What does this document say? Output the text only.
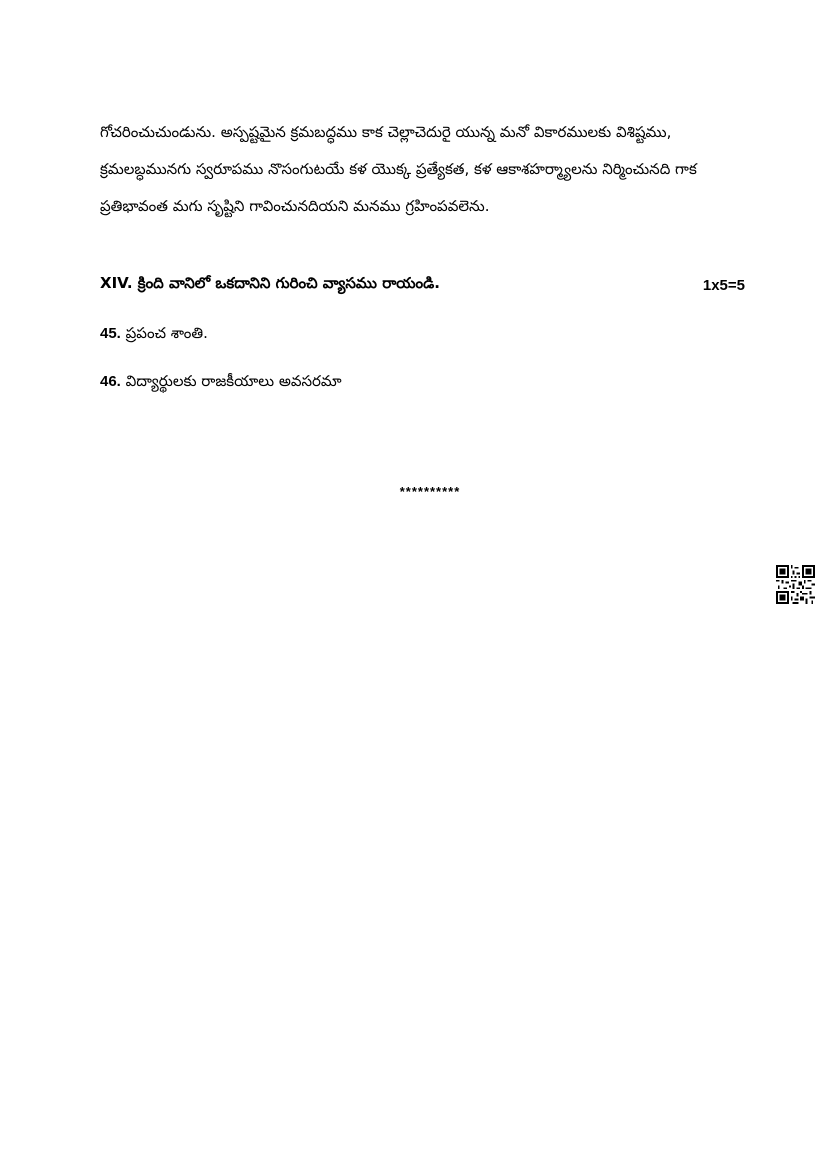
గోచరించుచుండును. అస్పష్టమైన క్రమబద్ధము కాక చెల్లాచెదురై యున్న మనో వికారములకు విశిష్టము,
క్రమలబ్ధమునగు స్వరూపము నొసంగుటయే కళ యొక్క ప్రత్యేకత, కళ ఆకాశహర్మ్యాలను నిర్మించునది గాక
ప్రతిభావంత మగు సృష్టిని గావించునదియని మనము గ్రహింపవలెను.
XIV. క్రింది వానిలో ఒకదానిని గురించి వ్యాసము రాయండి.	1x5=5
45. ప్రపంచ శాంతి.
46. విద్యార్థులకు రాజకీయాలు అవసరమా
**********
